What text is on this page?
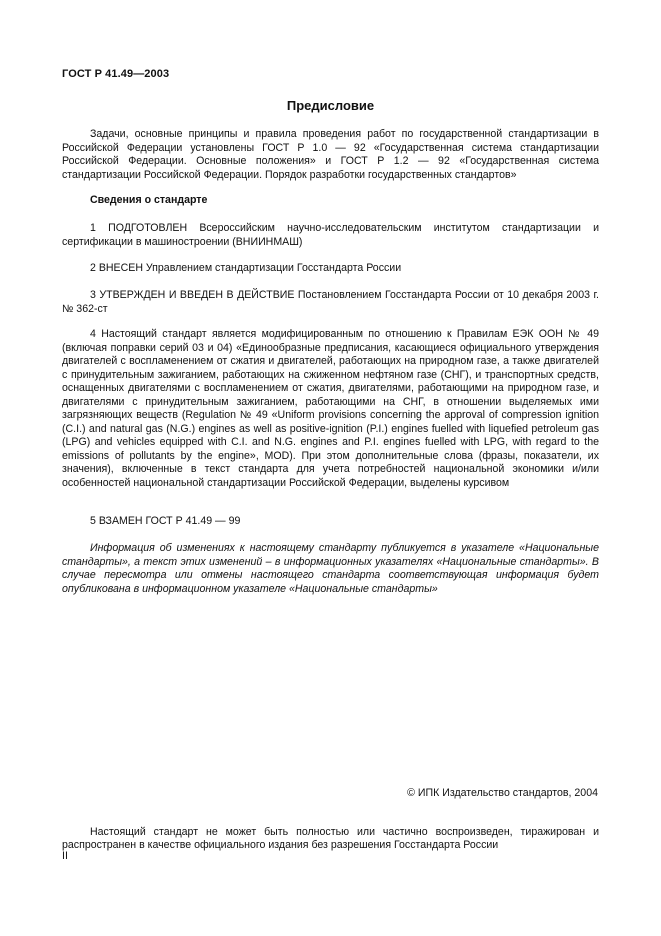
ГОСТ Р 41.49—2003
Предисловие

Задачи, основные принципы и правила проведения работ по государственной стандартизации в Российской Федерации установлены ГОСТ Р 1.0 — 92 «Государственная система стандартизации Российской Федерации. Основные положения» и ГОСТ Р 1.2 — 92 «Государственная система стандартизации Российской Федерации. Порядок разработки государственных стандартов»

Сведения о стандарте

1 ПОДГОТОВЛЕН Всероссийским научно-исследовательским институтом стандартизации и сертификации в машиностроении (ВНИИНМАШ)

2 ВНЕСЕН Управлением стандартизации Госстандарта России

3 УТВЕРЖДЕН И ВВЕДЕН В ДЕЙСТВИЕ Постановлением Госстандарта России от 10 декабря 2003 г. № 362-ст

4 Настоящий стандарт является модифицированным по отношению к Правилам ЕЭК ООН № 49 (включая поправки серий 03 и 04) «Единообразные предписания, касающиеся официального утверждения двигателей с воспламенением от сжатия и двигателей, работающих на природном газе, а также двигателей с принудительным зажиганием, работающих на сжиженном нефтяном газе (СНГ), и транспортных средств, оснащенных двигателями с воспламенением от сжатия, двигателями, работающими на природном газе, и двигателями с принудительным зажиганием, работающими на СНГ, в отношении выделяемых ими загрязняющих веществ (Regulation № 49 «Uniform provisions concerning the approval of compression ignition (C.I.) and natural gas (N.G.) engines as well as positive-ignition (P.I.) engines fuelled with liquefied petroleum gas (LPG) and vehicles equipped with C.I. and N.G. engines and P.I. engines fuelled with LPG, with regard to the emissions of pollutants by the engine», MOD). При этом дополнительные слова (фразы, показатели, их значения), включенные в текст стандарта для учета потребностей национальной экономики и/или особенностей национальной стандартизации Российской Федерации, выделены курсивом

5 ВЗАМЕН ГОСТ Р 41.49 — 99

Информация об изменениях к настоящему стандарту публикуется в указателе «Национальные стандарты», а текст этих изменений – в информационных указателях «Национальные стандарты». В случае пересмотра или отмены настоящего стандарта соответствующая информация будет опубликована в информационном указателе «Национальные стандарты»

© ИПК Издательство стандартов, 2004

Настоящий стандарт не может быть полностью или частично воспроизведен, тиражирован и распространен в качестве официального издания без разрешения Госстандарта России

II
